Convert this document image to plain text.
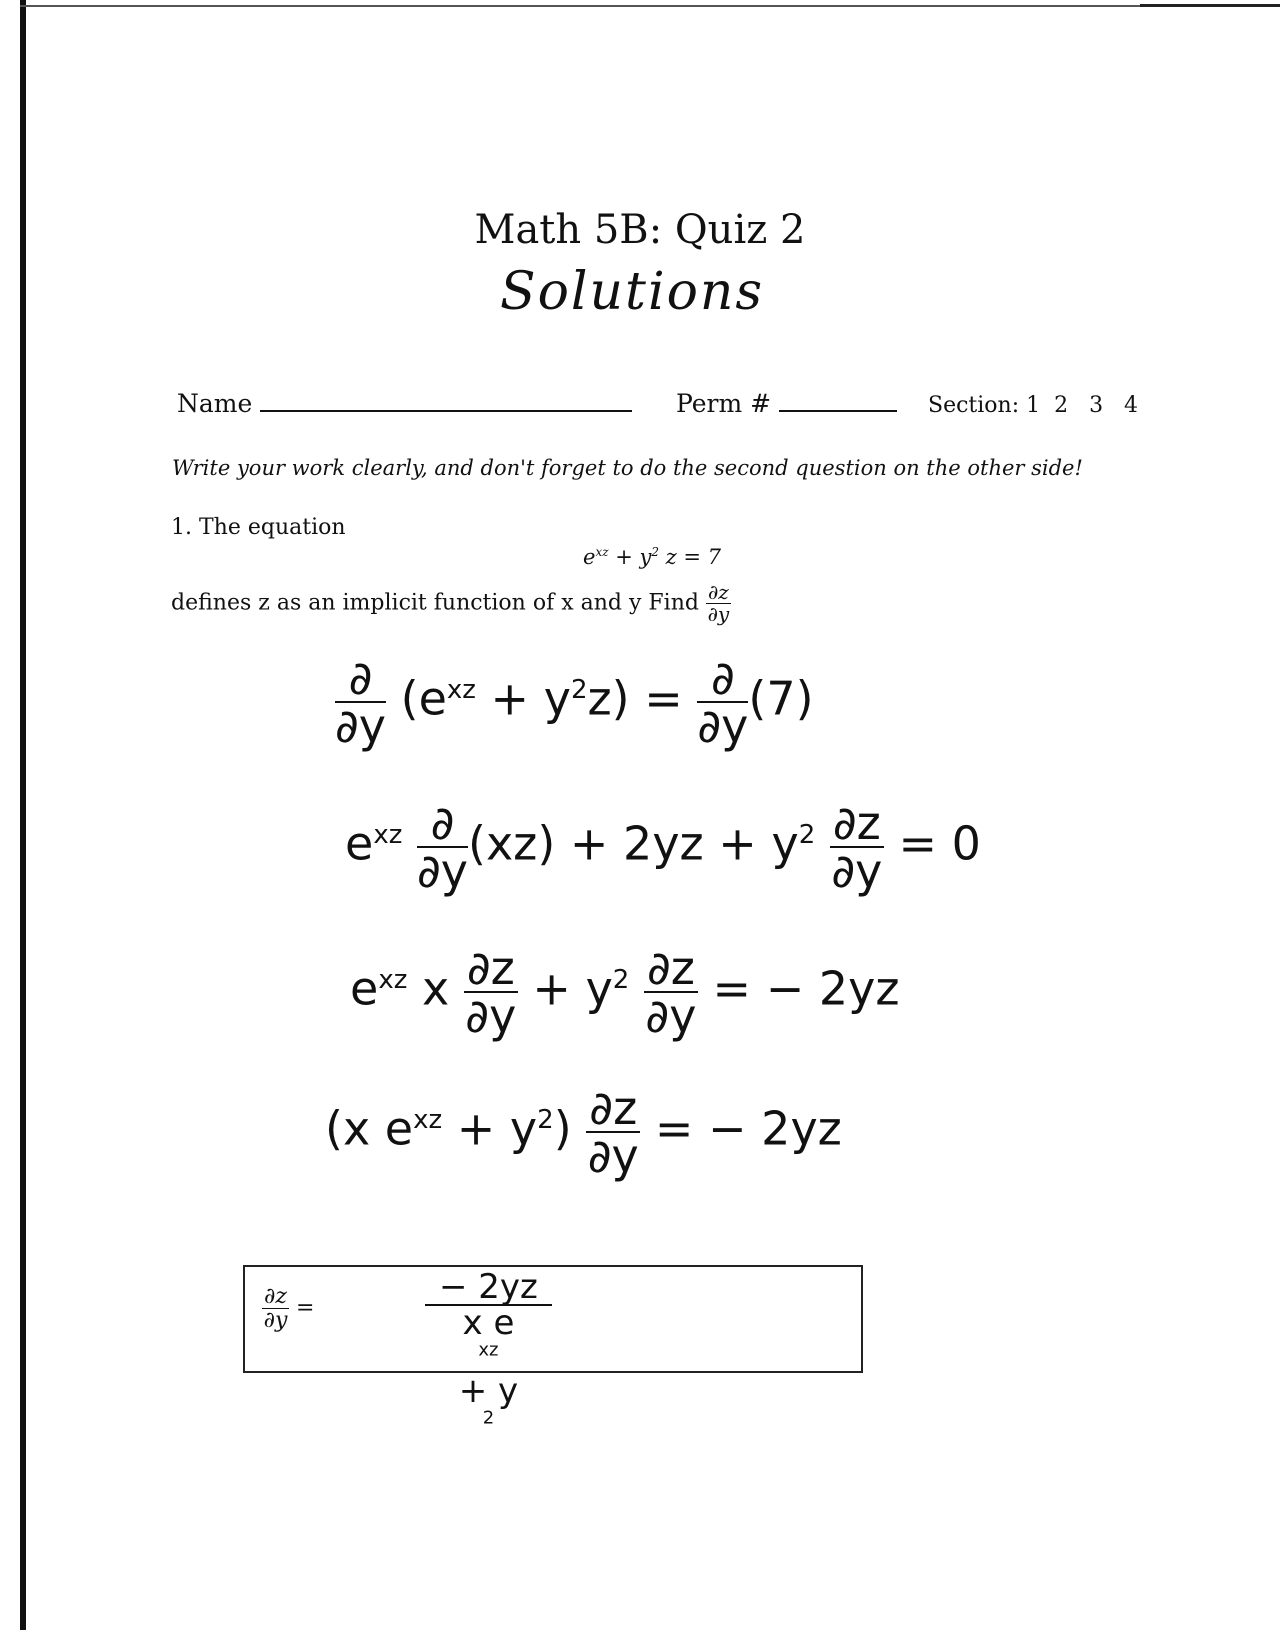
Math 5B: Quiz 2
Solutions
Name	Perm #	Section: 1  2   3   4
Write your work clearly, and don't forget to do the second question on the other side!
1. The equation
$e^{xz} + y^2$ z = 7
defines z as an implicit function of x and y Find $\frac{\partial z}{\partial y}$
∂
∂y
$(e^{xz} + y^2z)$ = ∂
∂y
(7)
$e^{xz}$ ∂
∂y
$(xz) + 2yz + y^2 \frac{\partial z}{\partial y} = 0$
$e^{xz}$ x $\frac{\partial z}{\partial y} + y^2 \frac{\partial z}{\partial y}$ = − 2yz
(x $e^{xz} + y^2) \frac{\partial z}{\partial y}$ = − 2yz
$\frac{\partial z}{\partial y}$ =
− 2yz
x e
$^{xz}$
+ y
$^2$
